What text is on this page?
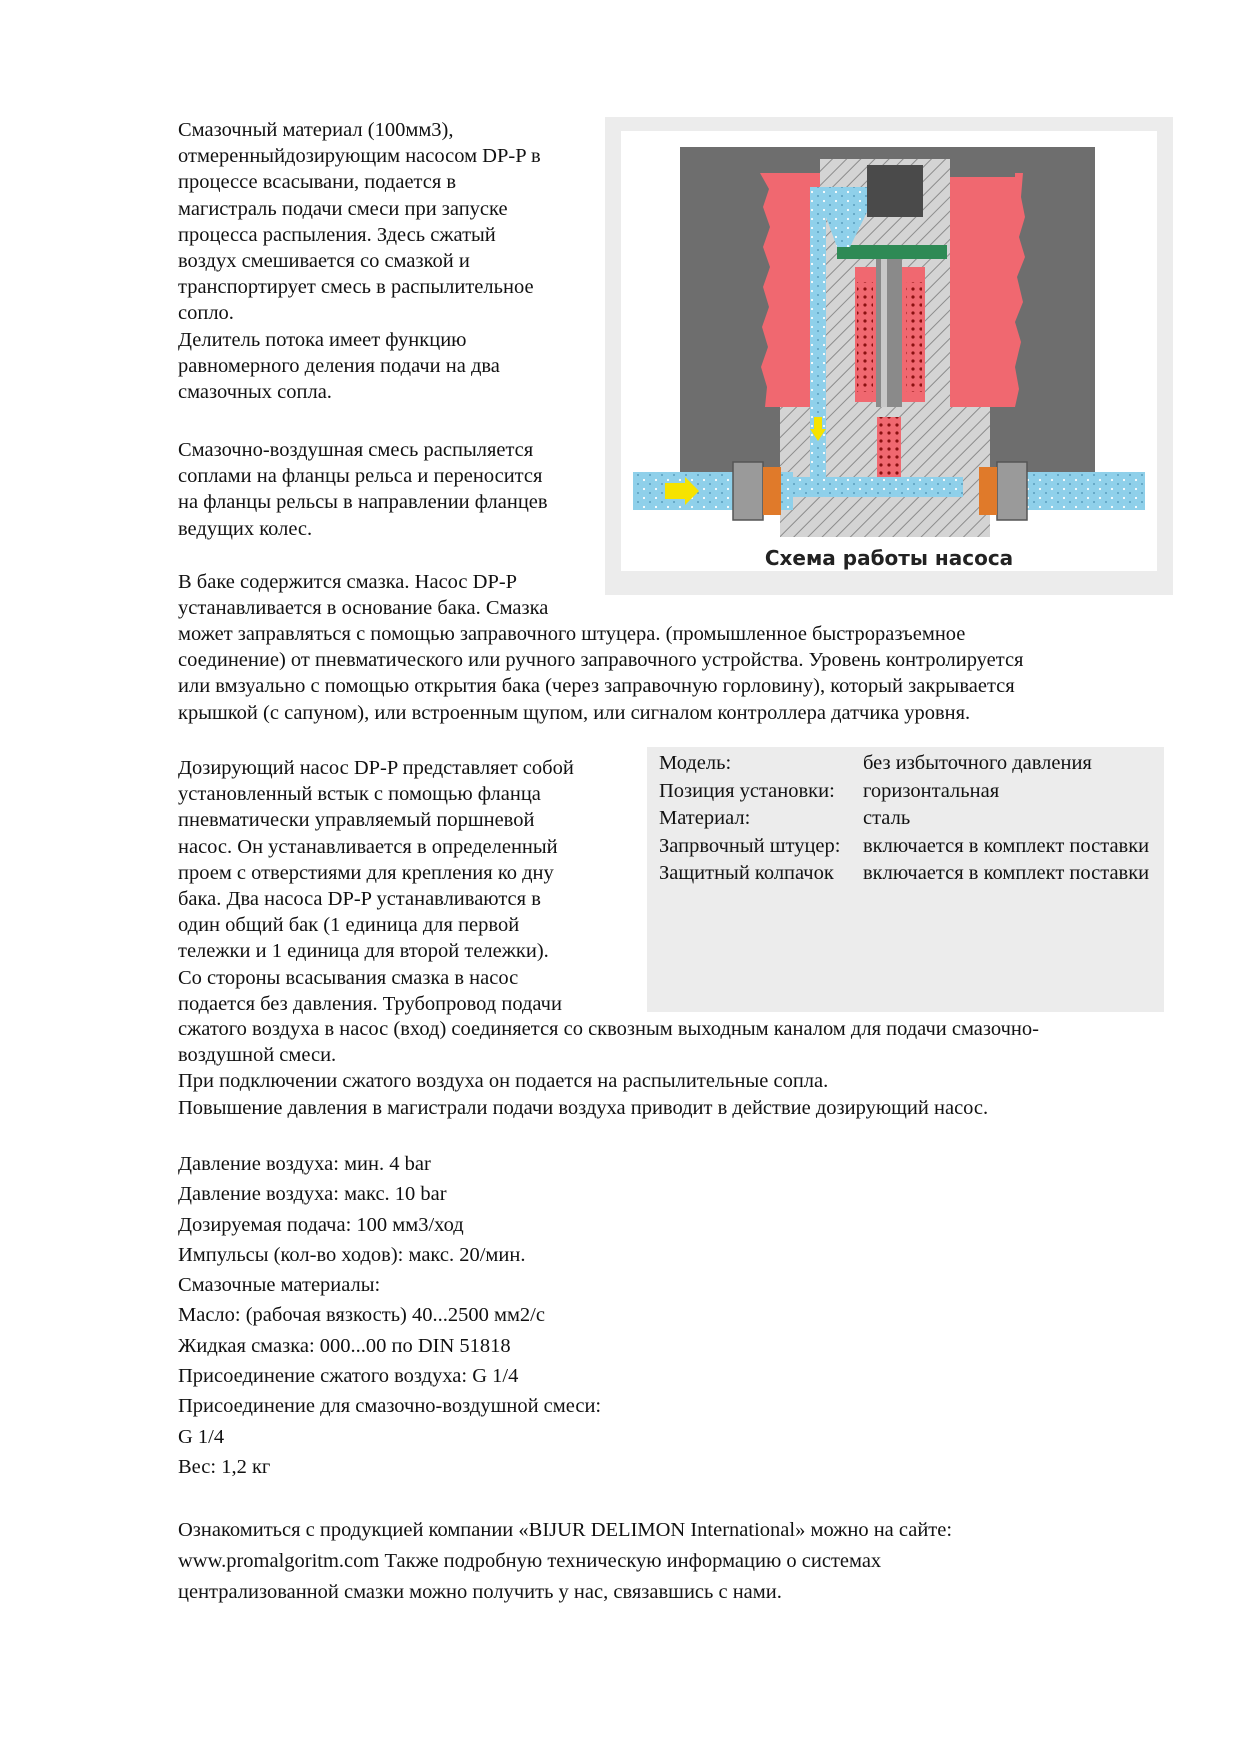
Смазочный материал (100мм3),

отмеренныйдозирующим насосом DP-P в

процессе всасывани, подается в

магистраль подачи смеси при запуске

процесса распыления. Здесь сжатый

воздух смешивается со смазкой и

транспортирует смесь в распылительное

сопло.

Делитель потока имеет функцию

равномерного деления подачи на два

смазочных сопла.

Смазочно-воздушная смесь распыляется

соплами на фланцы рельса и переносится

на фланцы рельсы в направлении фланцев

ведущих колес.

В баке содержится смазка. Насос DP-P

устанавливается в основание бака. Смазка

может заправляться с помощью заправочного штуцера. (промышленное быстроразъемное

соединение) от пневматического или ручного заправочного устройства. Уровень контролируется

или вмзуально с помощью открытия бака (через заправочную горловину), который закрывается

крышкой (с сапуном), или встроенным щупом, или сигналом контроллера датчика уровня.

Схема работы насоса

Дозирующий насос DP-P представляет собой

установленный встык с помощью фланца

пневматически управляемый поршневой

насос. Он устанавливается в определенный

проем с отверстиями для крепления ко дну

бака. Два насоса DP-P устанавливаются в

один общий бак (1 единица для первой

тележки и 1 единица для второй тележки).

Со стороны всасывания смазка в насос

подается без давления. Трубопровод подачи

Модель:	без избыточного давления
Позиция установки:	горизонтальная
Материал:	сталь
Запрвочный штуцер:	включается в комплект поставки
Защитный колпачок	включается в комплект поставки

сжатого воздуха в насос (вход) соединяется со сквозным выходным каналом для подачи смазочно-

воздушной смеси.

При подключении сжатого воздуха он подается на распылительные сопла.

Повышение давления в магистрали подачи воздуха приводит в действие дозирующий насос.

Давление воздуха: мин. 4 bar

Давление воздуха: макс. 10 bar

Дозируемая подача: 100 мм3/ход

Импульсы (кол-во ходов): макс. 20/мин.

Смазочные материалы:

Масло: (рабочая вязкость) 40...2500 мм2/с

Жидкая смазка: 000...00 по DIN 51818

Присоединение сжатого воздуха: G 1/4

Присоединение для смазочно-воздушной смеси:

G 1/4

Вес: 1,2 кг

Ознакомиться с продукцией компании «BIJUR DELIMON International» можно на сайте:

www.promalgoritm.com Также подробную техническую информацию о системах

централизованной смазки можно получить у нас, связавшись с нами.
